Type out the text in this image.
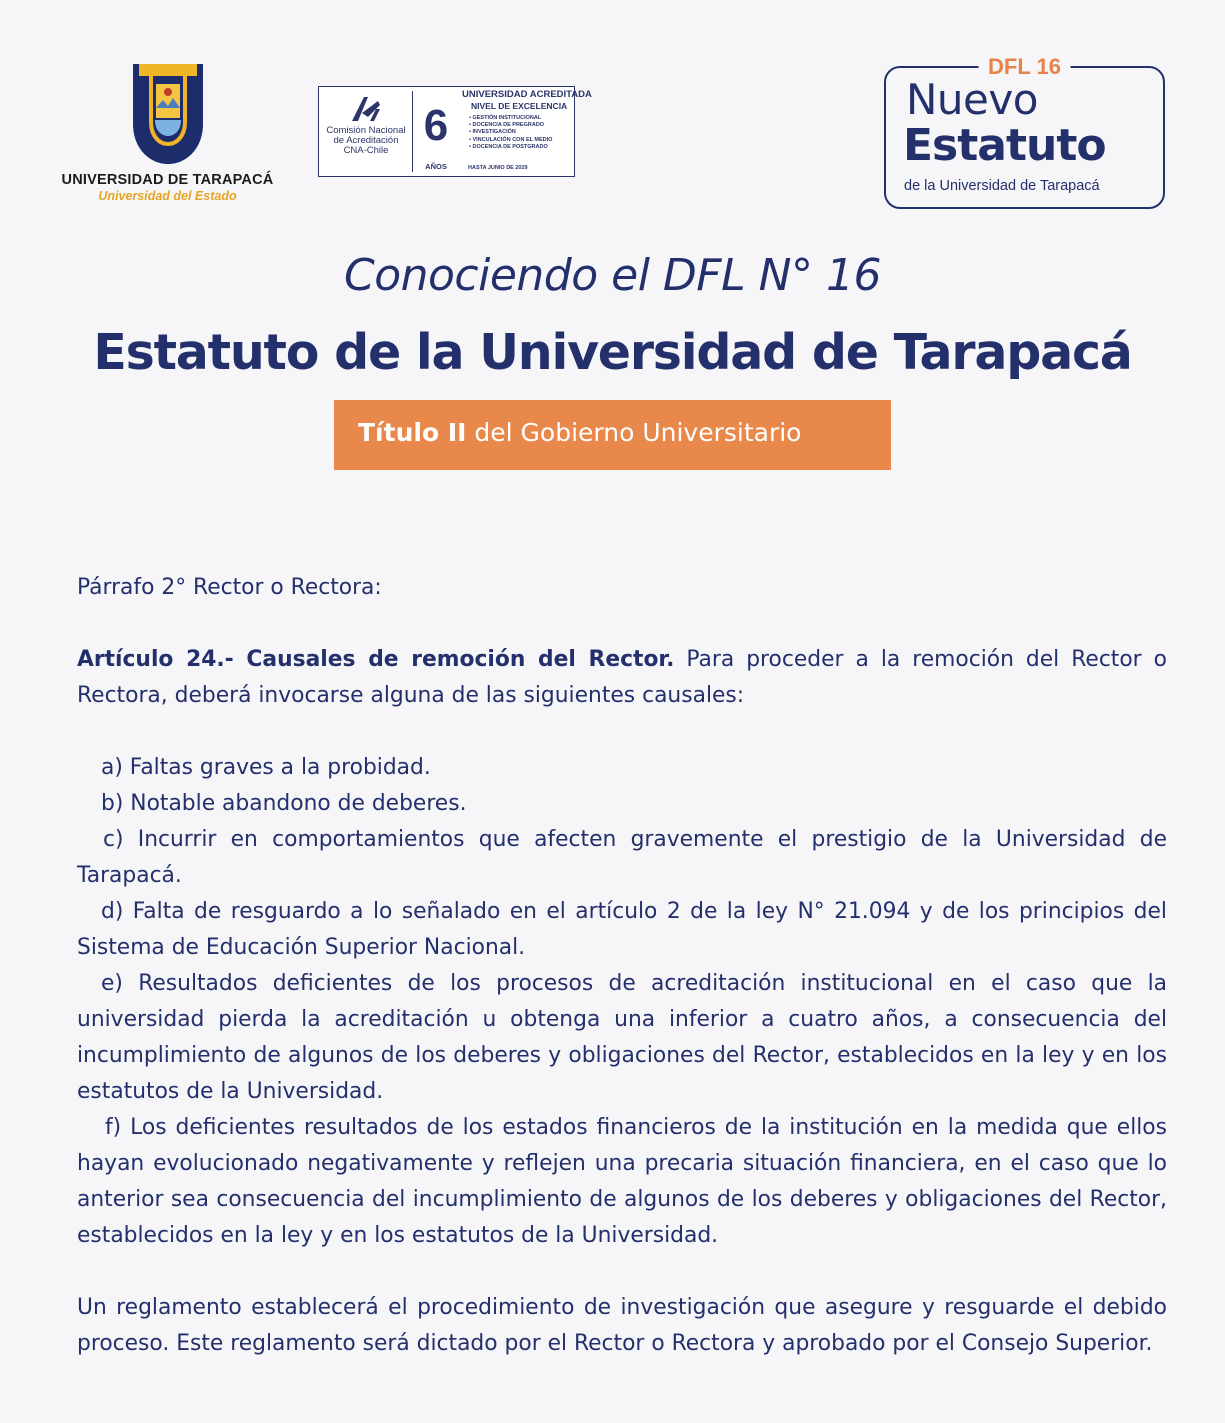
UNIVERSIDAD DE TARAPACÁ
Universidad del Estado
Comisión Nacional
de Acreditación
CNA-Chile
6
AÑOS
UNIVERSIDAD ACREDITADA
NIVEL DE EXCELENCIA
• GESTIÓN INSTITUCIONAL
• DOCENCIA DE PREGRADO
• INVESTIGACIÓN
• VINCULACIÓN CON EL MEDIO
• DOCENCIA DE POSTGRADO
HASTA JUNIO DE 2029
DFL 16
Nuevo
Estatuto
de la Universidad de Tarapacá
Conociendo el DFL N° 16
Estatuto de la Universidad de Tarapacá
Título II del Gobierno Universitario

Párrafo 2° Rector o Rectora:

Artículo 24.- Causales de remoción del Rector. Para proceder a la remoción del Rector o Rectora, deberá invocarse alguna de las siguientes causales:

a) Faltas graves a la probidad.

b) Notable abandono de deberes.

c) Incurrir en comportamientos que afecten gravemente el prestigio de la Universidad de Tarapacá.

d) Falta de resguardo a lo señalado en el artículo 2 de la ley N° 21.094 y de los principios del Sistema de Educación Superior Nacional.

e) Resultados deficientes de los procesos de acreditación institucional en el caso que la universidad pierda la acreditación u obtenga una inferior a cuatro años, a consecuencia del incumplimiento de algunos de los deberes y obligaciones del Rector, establecidos en la ley y en los estatutos de la Universidad.

f) Los deficientes resultados de los estados financieros de la institución en la medida que ellos hayan evolucionado negativamente y reflejen una precaria situación financiera, en el caso que lo anterior sea consecuencia del incumplimiento de algunos de los deberes y obligaciones del Rector, establecidos en la ley y en los estatutos de la Universidad.

Un reglamento establecerá el procedimiento de investigación que asegure y resguarde el debido proceso. Este reglamento será dictado por el Rector o Rectora y aprobado por el Consejo Superior.
